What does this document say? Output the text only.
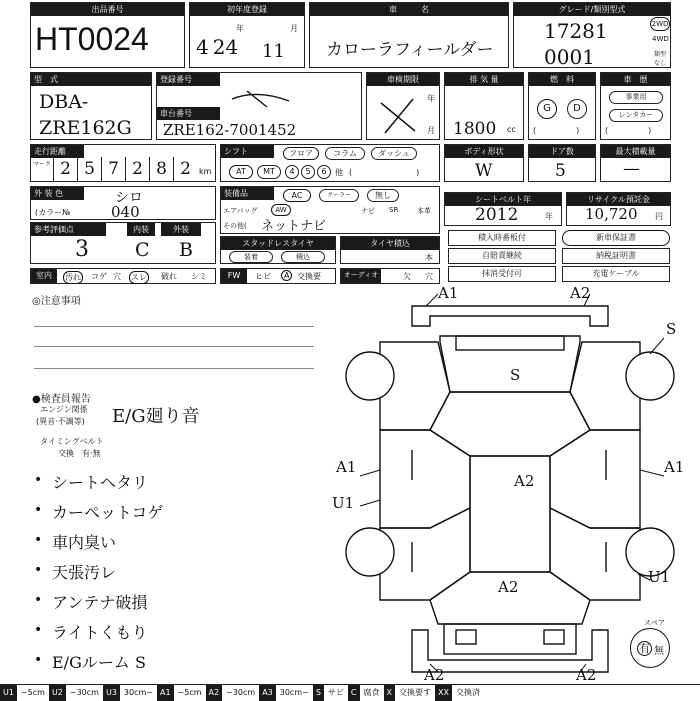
出品番号
HT0024
初年度登録
年	月
4 24 11
車　　　名
カローラフィールダー
グレード/類別型式
17281
0001
2WD
4WD
類型
なし
型　式
DBA-
ZRE162G
登録番号
車台番号
ZRE162-7001452
車検期限
年
月
排 気 量
1800 cc
燃　料
G	D
(　　　　　)
車　歴
事業用
レンタカー
(　　　　　)
走行距離
マーク 2 5 7 2 8 2	km
シフト	フロア	コラム	ダッシュ
AT	MT	4	5	6	他 (　　　　　　　　)
ボディ形状
W
ドア数
5
最大積載量
—
外 装 色	シロ
(カラー№	040
装備品	AC	クーラー	無し
エアバッグ	AW	ナビ SR	本革
その他( ネットナビ
シートベルト年
2012	年
リサイクル預託金
10,720 円
参考評価点	内装	外装
3 C B	スタッドレスタイヤ
装着	積込
タイヤ積込
本
積入時番板付	新車保証書
自賠責継続	納税証明書
抹消受付可	充電ケーブル
室内	汚れ コゲ 穴 スレ 破れ シミ	FW	ヒビ	A 交換要	オーディオ	欠 穴
◎注意事項
●検査員報告
エンジン関係
(異音·不調等) E/G廻り音
タイミングベルト
交換　有·無
• シートヘタリ
• カーペットコゲ
• 車内臭い
• 天張汚レ
• アンテナ破損
• ライトくもり
• E/Gルーム S
A1	A2
S
S
A1
U1
A2
A1
U1
A2
A2	A2
スペア
有 無
U1 ~5cm U2 ~30cm U3 30cm~ A1 ~5cm A2 ~30cm A3 30cm~ S サビ C 腐食 X 交換要す XX 交換済
